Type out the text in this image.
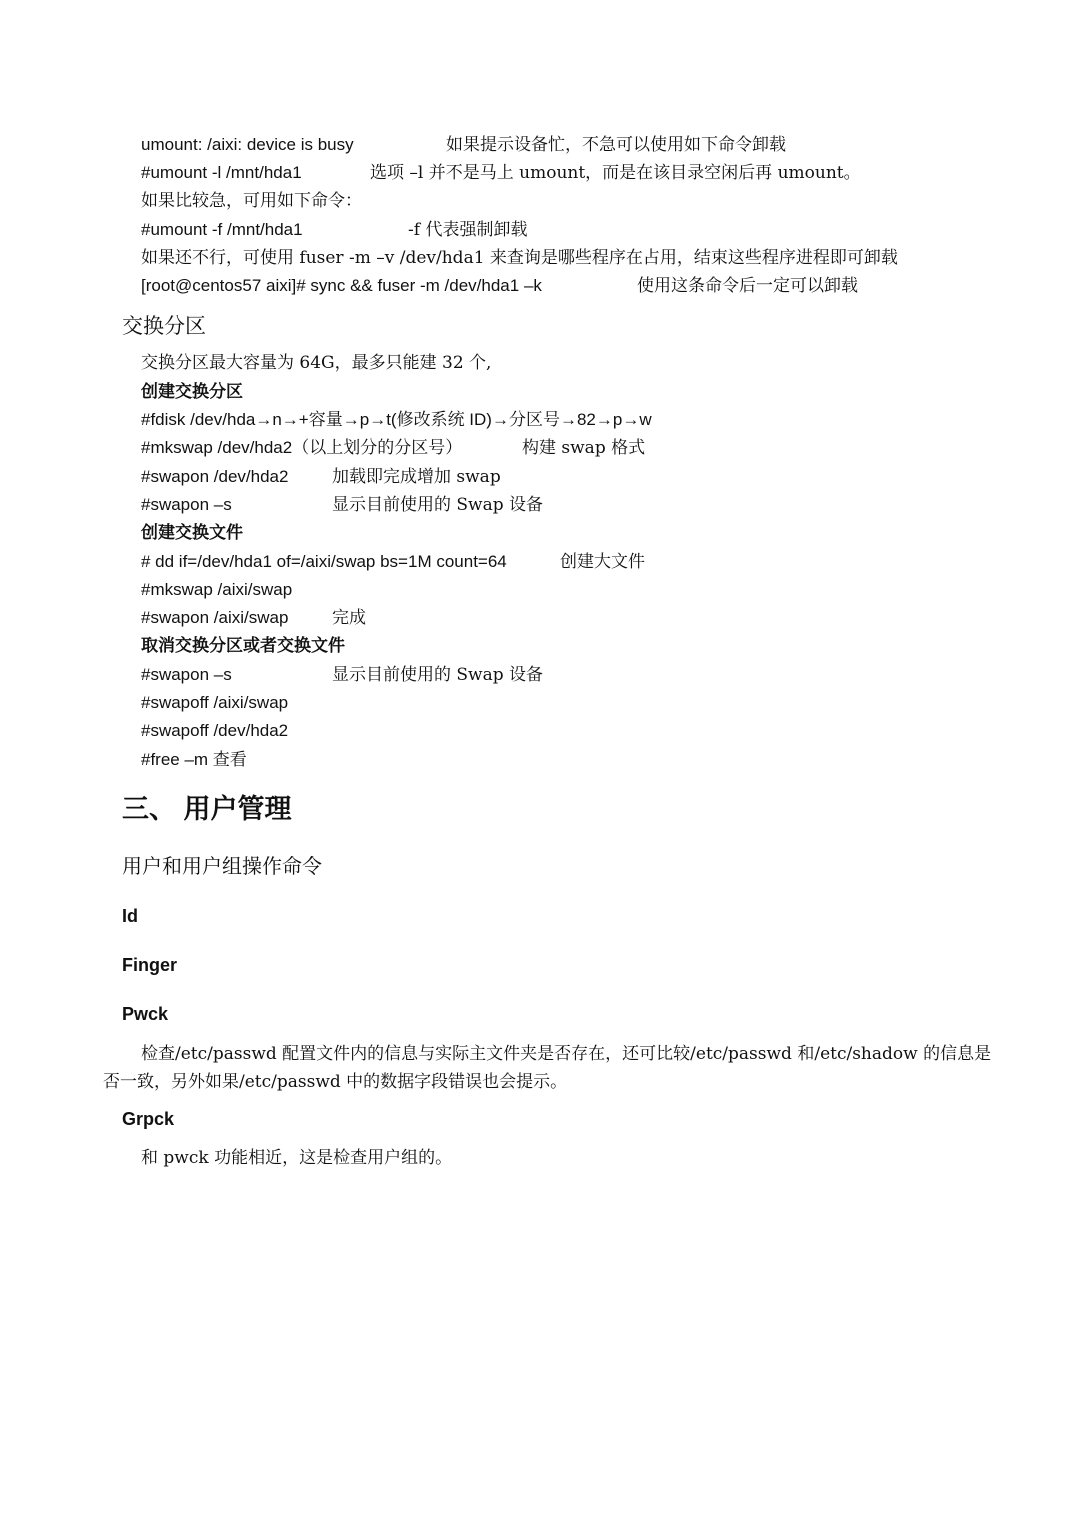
umount: /aixi: device is busy	如果提示设备忙，不急可以使用如下命令卸载
#umount -l /mnt/hda1	选项 –l 并不是马上 umount，而是在该目录空闲后再 umount。
如果比较急，可用如下命令：
#umount -f /mnt/hda1	-f 代表强制卸载
如果还不行，可使用 fuser -m –v /dev/hda1 来查询是哪些程序在占用，结束这些程序进程即可卸载
[root@centos57 aixi]# sync && fuser -m /dev/hda1 –k	使用这条命令后一定可以卸载
交换分区
交换分区最大容量为 64G，最多只能建 32 个,
创建交换分区
#fdisk /dev/hda→n→+容量→p→t(修改系统 ID)→分区号→82→p→w
#mkswap /dev/hda2（以上划分的分区号）	构建 swap 格式
#swapon /dev/hda2	加载即完成增加 swap
#swapon –s	显示目前使用的 Swap 设备
创建交换文件
# dd if=/dev/hda1 of=/aixi/swap bs=1M count=64	创建大文件
#mkswap /aixi/swap
#swapon /aixi/swap	完成
取消交换分区或者交换文件
#swapon –s	显示目前使用的 Swap 设备
#swapoff /aixi/swap
#swapoff /dev/hda2
#free –m 查看
三、 用户管理
用户和用户组操作命令
Id
Finger
Pwck
检查/etc/passwd 配置文件内的信息与实际主文件夹是否存在，还可比较/etc/passwd 和/etc/shadow 的信息是否一致，另外如果/etc/passwd 中的数据字段错误也会提示。
Grpck
和 pwck 功能相近，这是检查用户组的。
